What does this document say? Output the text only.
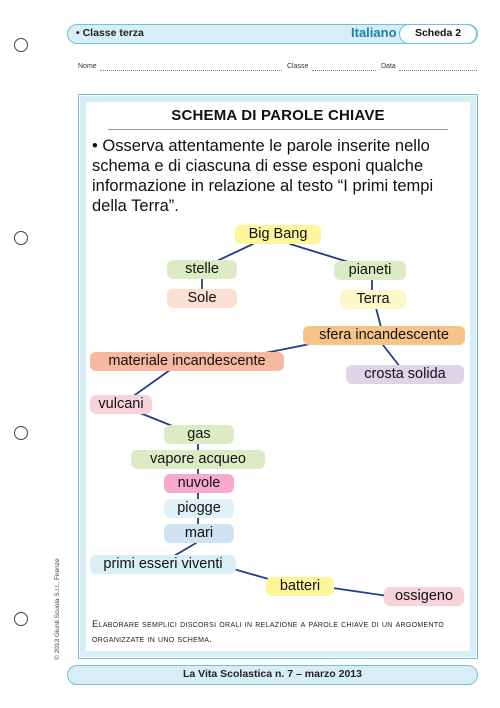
• Classe terza	Italiano	Scheda 2
Nome	Classe	Data
SCHEMA DI PAROLE CHIAVE
• Osserva attentamente le parole inserite nello schema e di ciascuna di esse esponi qualche informazione in relazione al testo “I primi tempi della Terra”.
Big Bang
stelle	pianeti
Sole	Terra
sfera incandescente
materiale incandescente
crosta solida
vulcani
gas
vapore acqueo
nuvole
piogge
mari
primi esseri viventi
batteri
ossigeno
Elaborare semplici discorsi orali in relazione a parole chiave di un argomento organizzate in uno schema.
© 2013 Giunti Scuola S.r.l., Firenze
La Vita Scolastica n. 7 – marzo 2013
